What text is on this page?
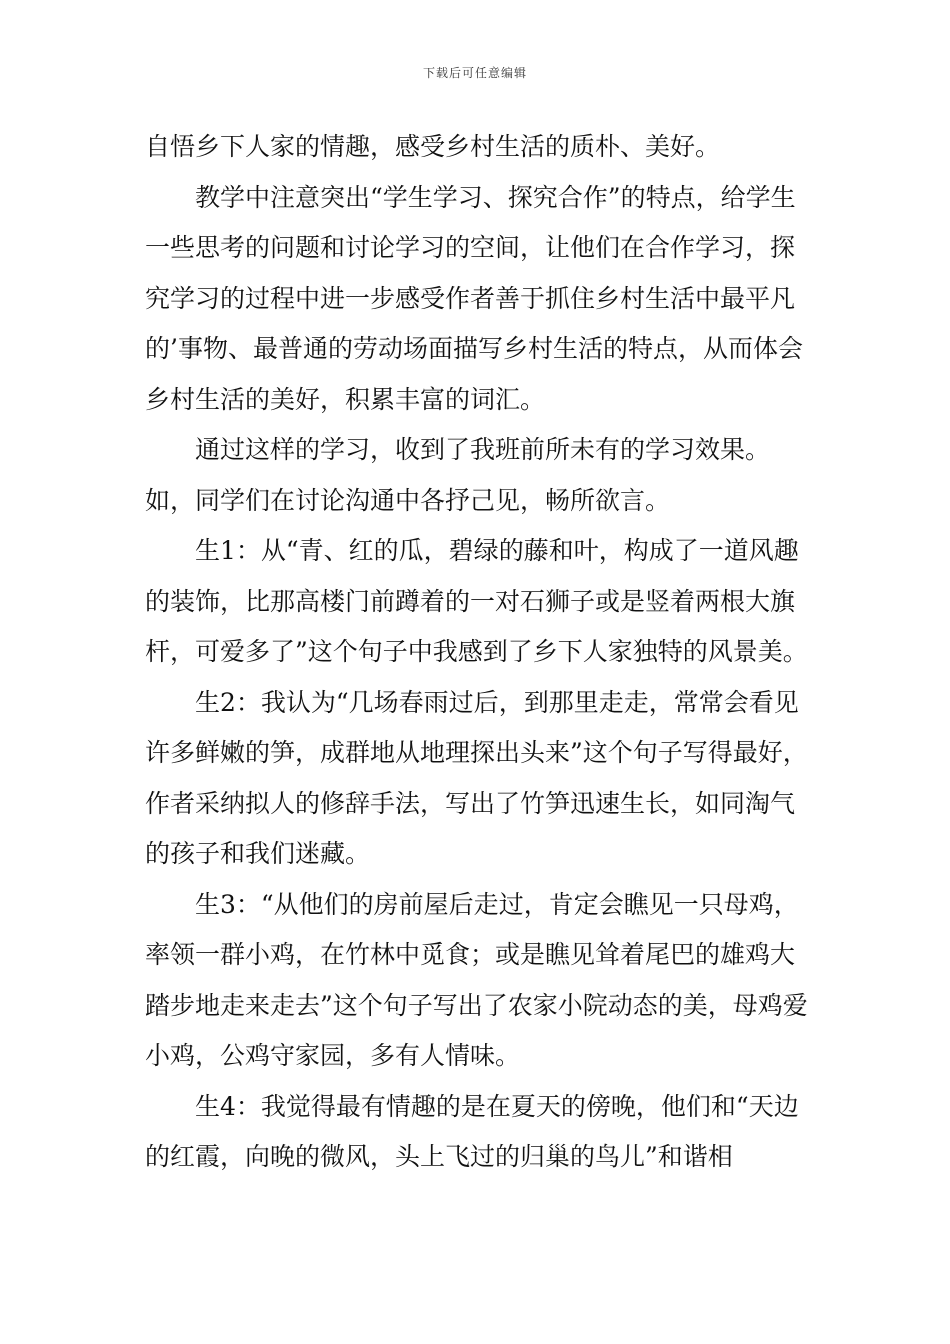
下载后可任意编辑

自悟乡下人家的情趣，感受乡村生活的质朴、美好。

教学中注意突出“学生学习、探究合作”的特点，给学生一些思考的问题和讨论学习的空间，让他们在合作学习，探究学习的过程中进一步感受作者善于抓住乡村生活中最平凡的’事物、最普通的劳动场面描写乡村生活的特点，从而体会乡村生活的美好，积累丰富的词汇。

通过这样的学习，收到了我班前所未有的学习效果。如，同学们在讨论沟通中各抒己见，畅所欲言。

生1：从“青、红的瓜，碧绿的藤和叶，构成了一道风趣的装饰，比那高楼门前蹲着的一对石狮子或是竖着两根大旗杆，可爱多了”这个句子中我感到了乡下人家独特的风景美。

生2：我认为“几场春雨过后，到那里走走，常常会看见许多鲜嫩的笋，成群地从地理探出头来”这个句子写得最好，作者采纳拟人的修辞手法，写出了竹笋迅速生长，如同淘气的孩子和我们迷藏。

生3：“从他们的房前屋后走过，肯定会瞧见一只母鸡，率领一群小鸡，在竹林中觅食；或是瞧见耸着尾巴的雄鸡大踏步地走来走去”这个句子写出了农家小院动态的美，母鸡爱小鸡，公鸡守家园，多有人情味。

生4：我觉得最有情趣的是在夏天的傍晚，他们和“天边的红霞，向晚的微风，头上飞过的归巢的鸟儿”和谐相
